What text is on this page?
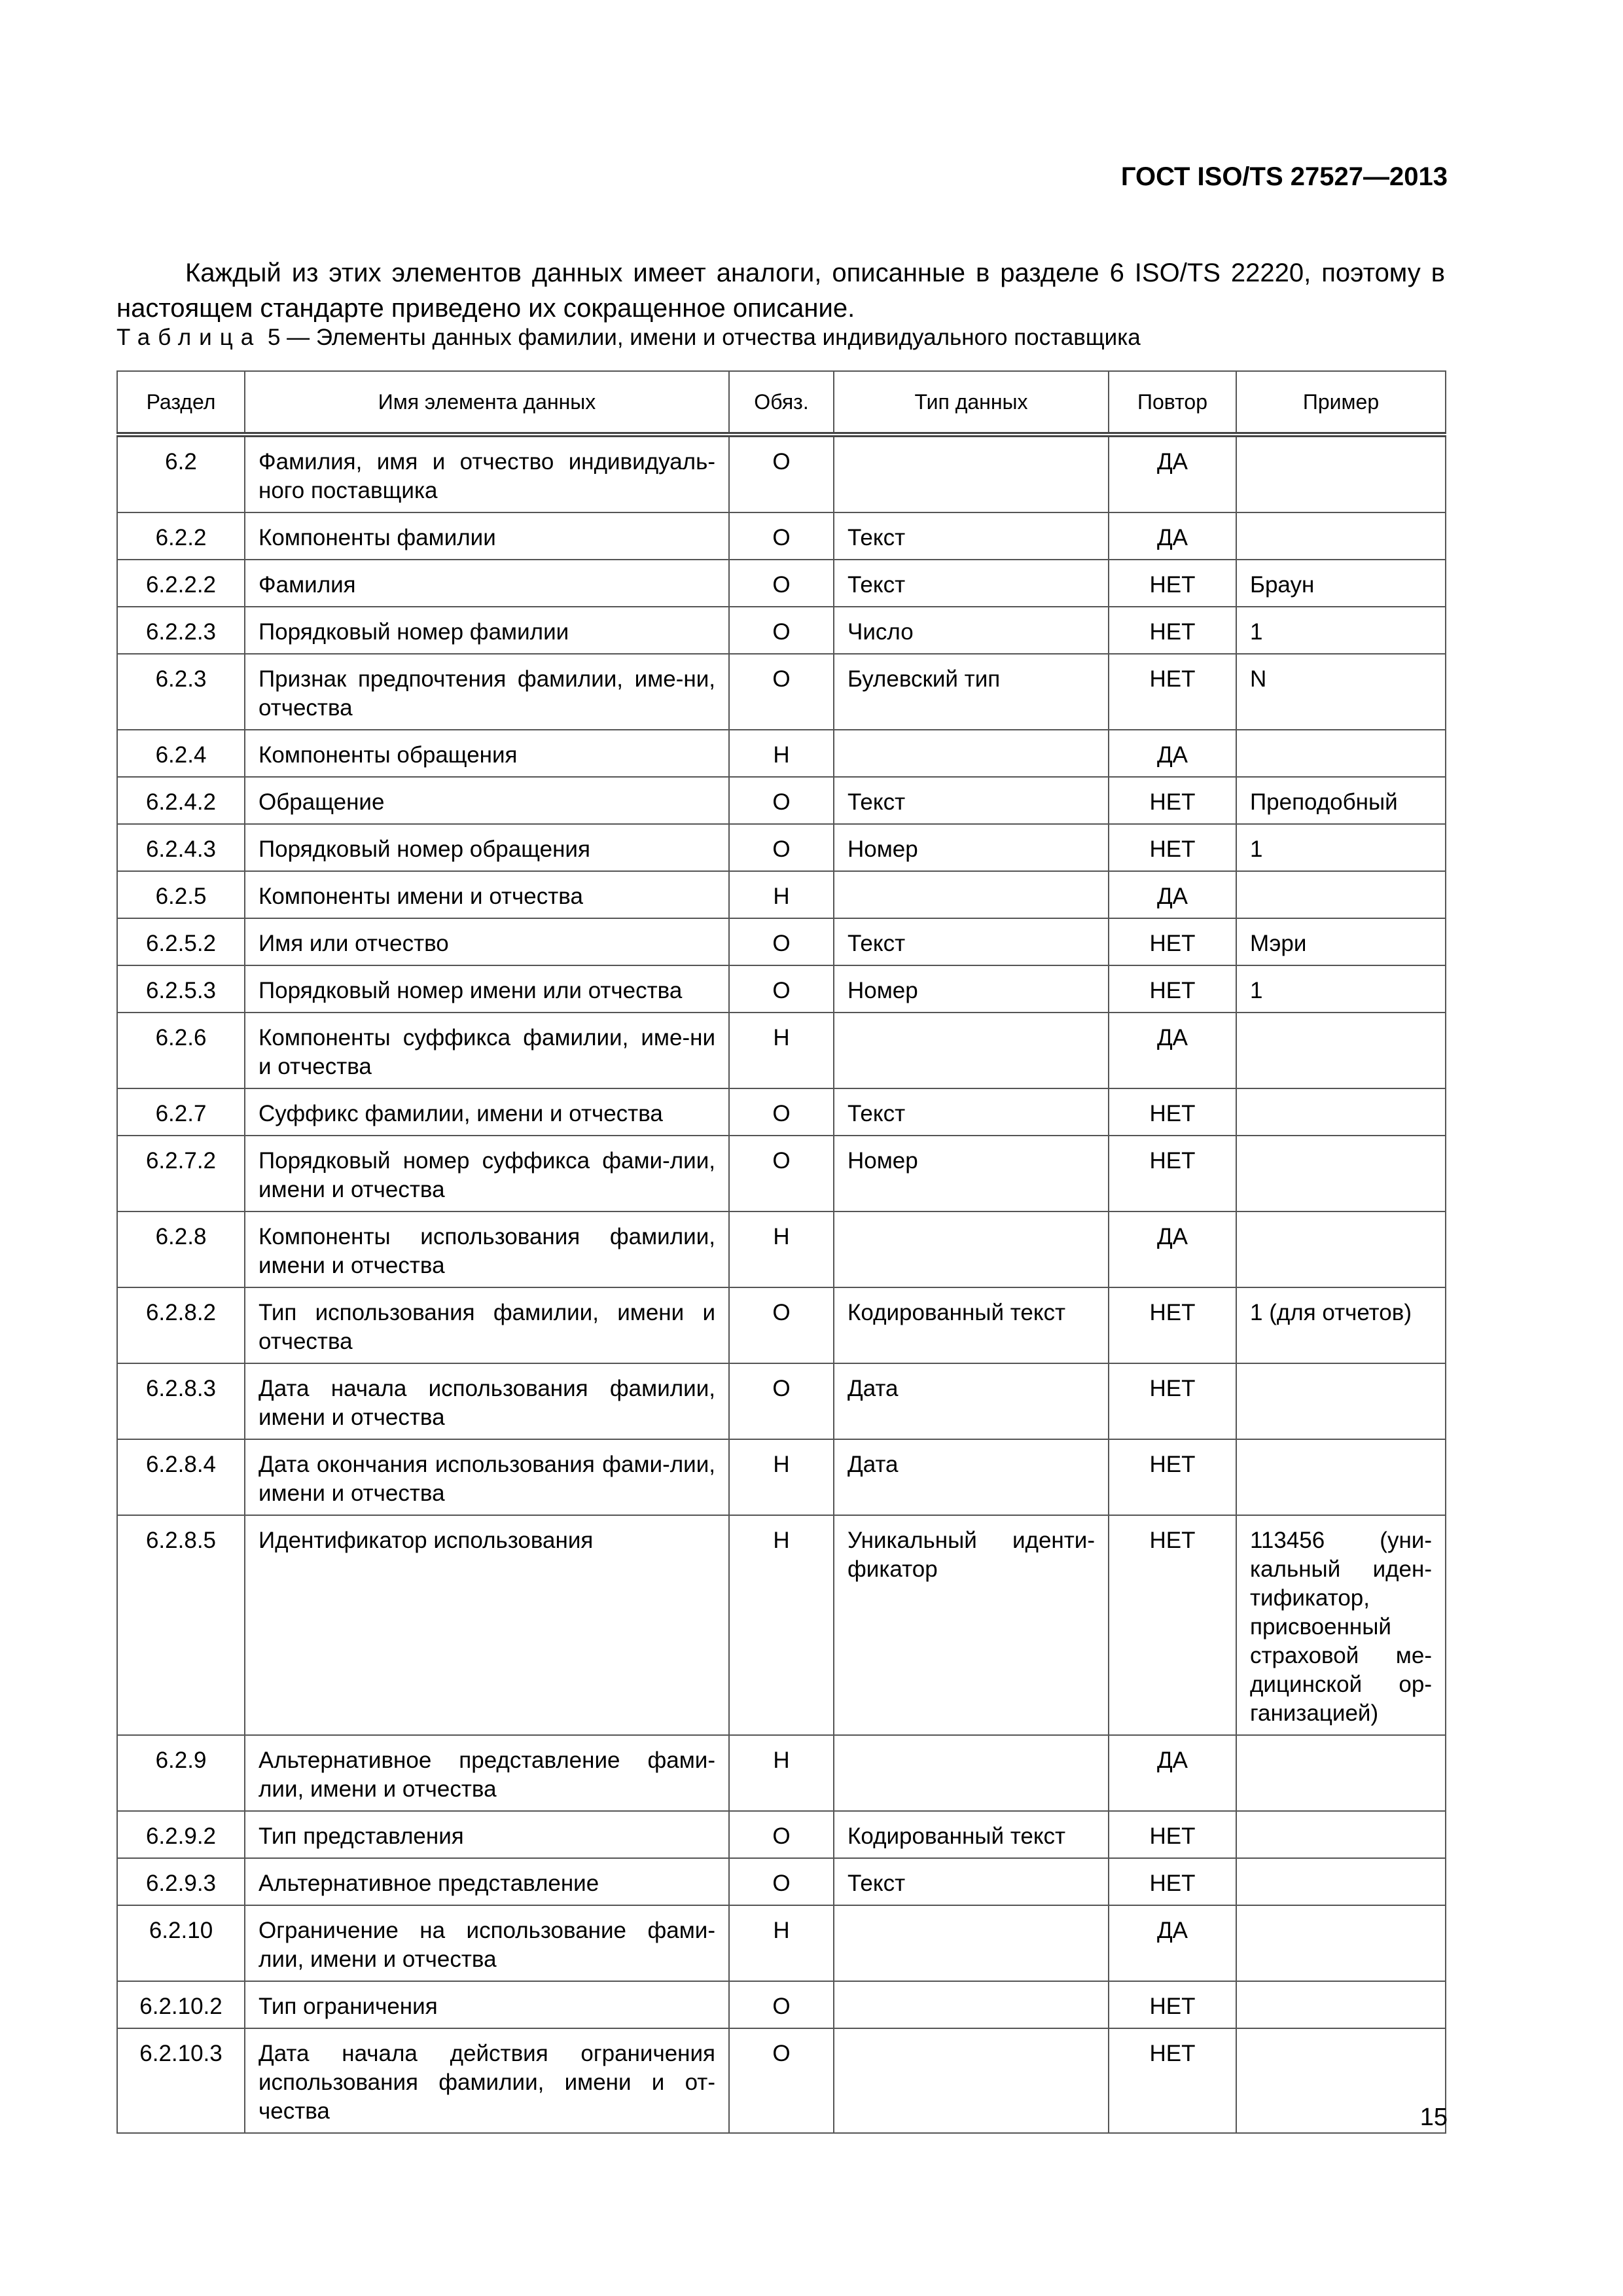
ГОСТ ISO/TS 27527—2013

Каждый из этих элементов данных имеет аналоги, описанные в разделе 6 ISO/TS 22220, поэтому в настоящем стандарте приведено их сокращенное описание.

Таблица 5 — Элементы данных фамилии, имени и отчества индивидуального поставщика
Раздел	Имя элемента данных	Обяз.	Тип данных	Повтор	Пример
6.2	Фамилия, имя и отчество индивидуаль-ного поставщика	О		ДА	
6.2.2	Компоненты фамилии	О	Текст	ДА	
6.2.2.2	Фамилия	О	Текст	НЕТ	Браун
6.2.2.3	Порядковый номер фамилии	О	Число	НЕТ	1
6.2.3	Признак предпочтения фамилии, име-ни, отчества	О	Булевский тип	НЕТ	N
6.2.4	Компоненты обращения	Н		ДА	
6.2.4.2	Обращение	О	Текст	НЕТ	Преподобный
6.2.4.3	Порядковый номер обращения	О	Номер	НЕТ	1
6.2.5	Компоненты имени и отчества	Н		ДА	
6.2.5.2	Имя или отчество	О	Текст	НЕТ	Мэри
6.2.5.3	Порядковый номер имени или отчества	О	Номер	НЕТ	1
6.2.6	Компоненты суффикса фамилии, име-ни и отчества	Н		ДА	
6.2.7	Суффикс фамилии, имени и отчества	О	Текст	НЕТ	
6.2.7.2	Порядковый номер суффикса фами-лии, имени и отчества	О	Номер	НЕТ	
6.2.8	Компоненты использования фамилии, имени и отчества	Н		ДА	
6.2.8.2	Тип использования фамилии, имени и отчества	О	Кодированный текст	НЕТ	1 (для отчетов)
6.2.8.3	Дата начала использования фамилии, имени и отчества	О	Дата	НЕТ	
6.2.8.4	Дата окончания использования фами-лии, имени и отчества	Н	Дата	НЕТ	
6.2.8.5	Идентификатор использования	Н	Уникальный иденти-фикатор	НЕТ	113456 (уни-кальный иден-тификатор, присвоенный страховой ме-дицинской ор-ганизацией)
6.2.9	Альтернативное представление фами-лии, имени и отчества	Н		ДА	
6.2.9.2	Тип представления	О	Кодированный текст	НЕТ	
6.2.9.3	Альтернативное представление	О	Текст	НЕТ	
6.2.10	Ограничение на использование фами-лии, имени и отчества	Н		ДА	
6.2.10.2	Тип ограничения	О		НЕТ	
6.2.10.3	Дата начала действия ограничения использования фамилии, имени и от-чества	О		НЕТ	
15
